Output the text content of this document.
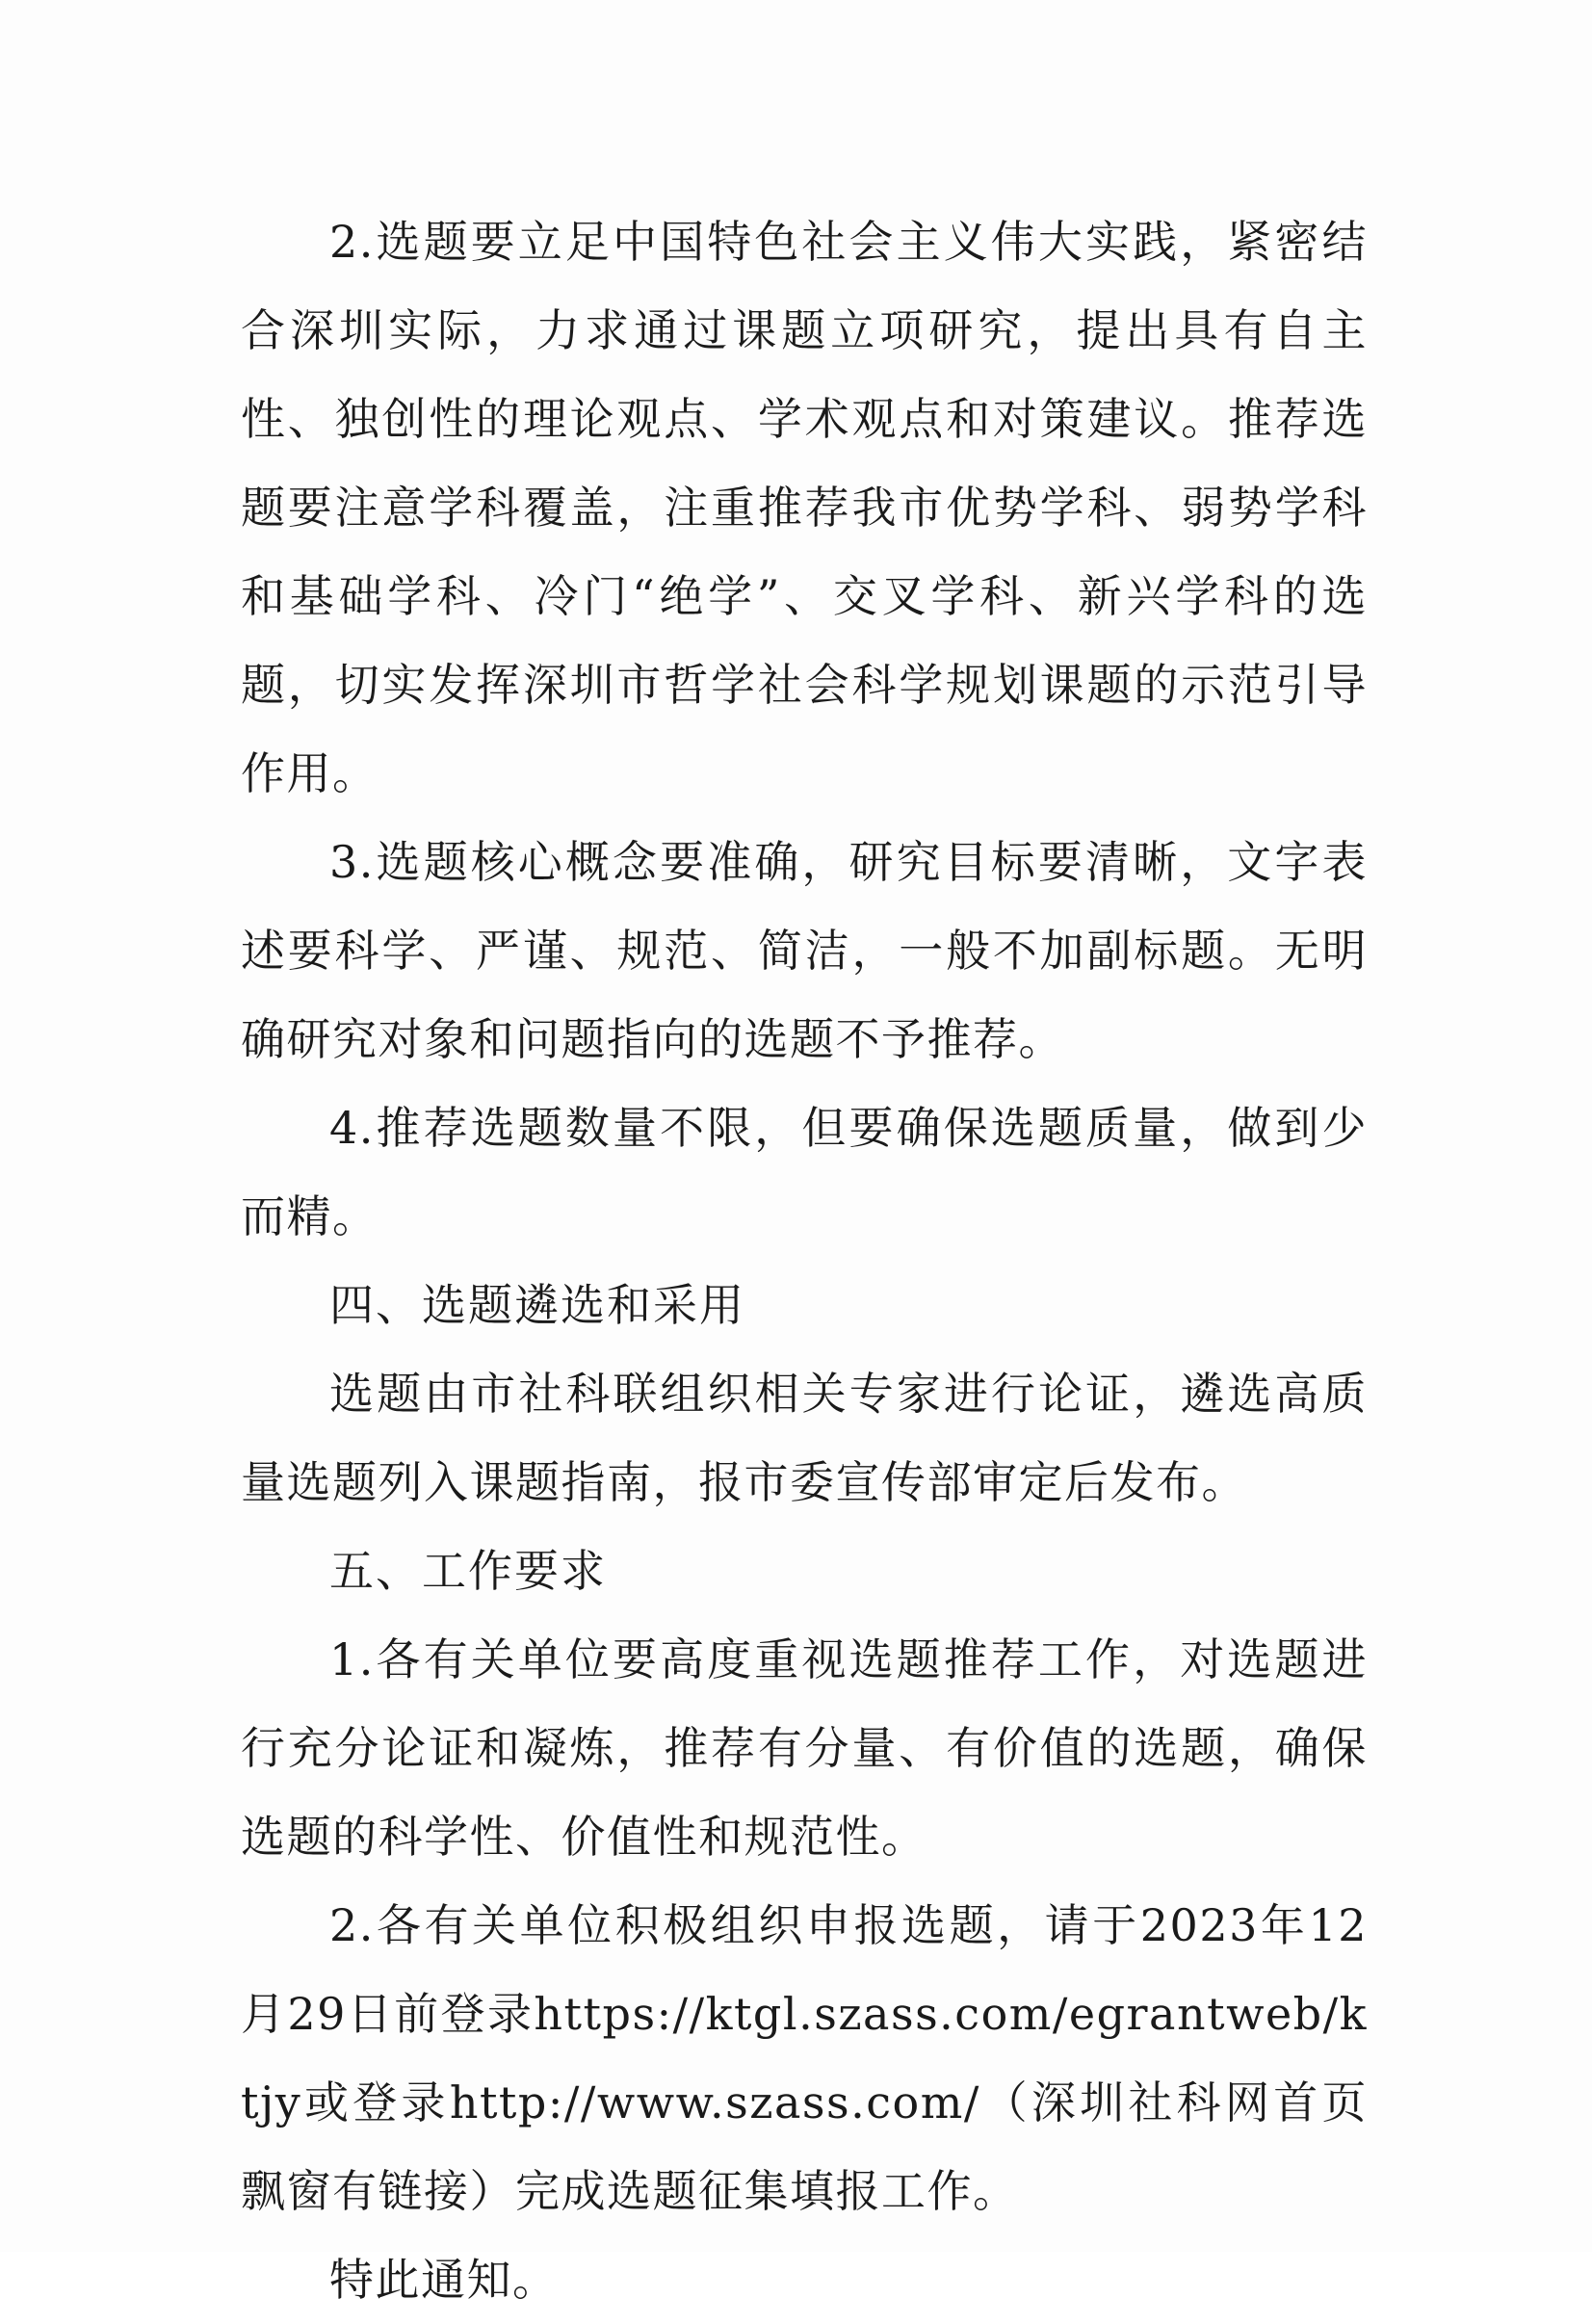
2.选题要立足中国特色社会主义伟大实践，紧密结合深圳实际，力求通过课题立项研究，提出具有自主性、独创性的理论观点、学术观点和对策建议。推荐选题要注意学科覆盖，注重推荐我市优势学科、弱势学科和基础学科、冷门“绝学”、交叉学科、新兴学科的选题，切实发挥深圳市哲学社会科学规划课题的示范引导作用。

3.选题核心概念要准确，研究目标要清晰，文字表述要科学、严谨、规范、简洁，一般不加副标题。无明确研究对象和问题指向的选题不予推荐。

4.推荐选题数量不限，但要确保选题质量，做到少而精。

四、选题遴选和采用

选题由市社科联组织相关专家进行论证，遴选高质量选题列入课题指南，报市委宣传部审定后发布。

五、工作要求

1.各有关单位要高度重视选题推荐工作，对选题进行充分论证和凝炼，推荐有分量、有价值的选题，确保选题的科学性、价值性和规范性。

2.各有关单位积极组织申报选题，请于2023年12月29日前登录https://ktgl.szass.com/egrantweb/ktjy或登录http://www.szass.com/（深圳社科网首页飘窗有链接）完成选题征集填报工作。

特此通知。
